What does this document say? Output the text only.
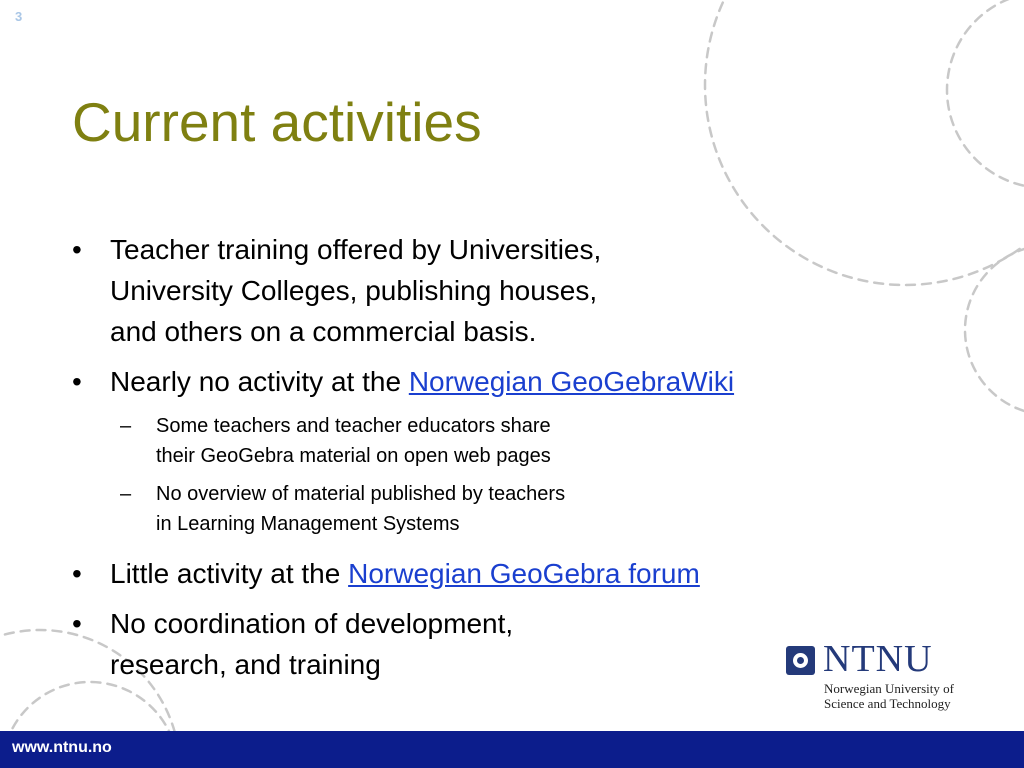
3
Current activities
• Teacher training offered by Universities,
University Colleges, publishing houses,
and others on a commercial basis.
• Nearly no activity at the Norwegian GeoGebraWiki
– Some teachers and teacher educators share
their GeoGebra material on open web pages
– No overview of material published by teachers
in Learning Management Systems
• Little activity at the Norwegian GeoGebra forum
• No coordination of development,
research, and training	NTNU
Norwegian University of
Science and Technology
www.ntnu.no
